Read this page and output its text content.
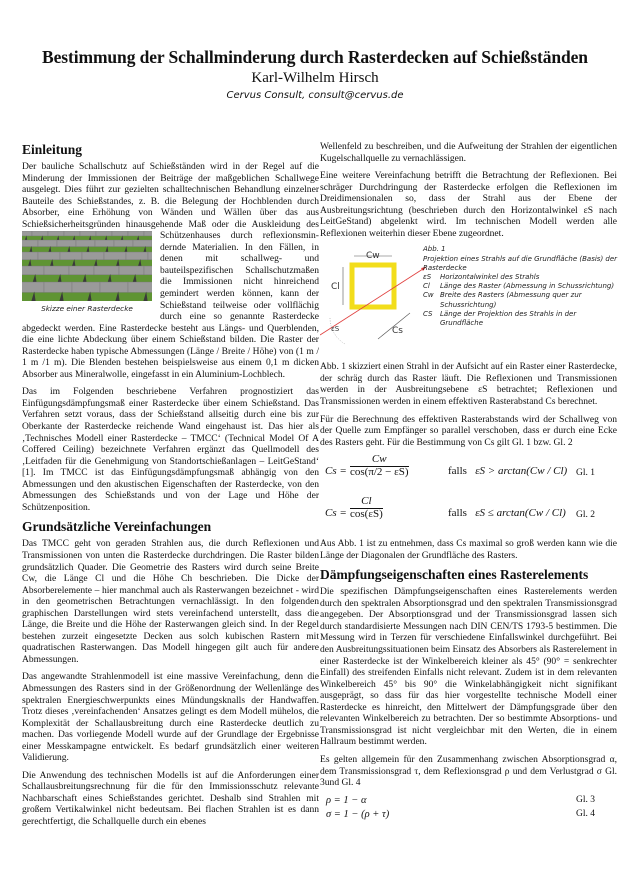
Bestimmung der Schallminderung durch Rasterdecken auf Schießständen
Karl-Wilhelm Hirsch
Cervus Consult, consult@cervus.de
Einleitung

Der bauliche Schallschutz auf Schießständen wird in der Regel auf die Minderung der Immissionen der Beiträge der maßgeblichen Schallwege ausgelegt. Dies führt zur gezielten schalltechnischen Behandlung einzelner Bauteile des Schießstandes, z. B. die Belegung der Hochblenden durch Absorber, eine Erhöhung von Wänden und Wällen über das aus Schießsicherheitsgründen hinausgehende Maß oder die Auskleidung des Schützenhauses durch reflexionsmin-
Skizze einer Rasterdecke
dernde Materialien. In den Fällen, in denen mit schallweg- und bauteilspezifischen Schallschutzmaßen die Immissionen nicht hinreichend gemindert werden können, kann der Schießstand teilweise oder vollflächig durch eine so genannte Rasterdecke abgedeckt werden. Eine Rasterdecke besteht aus Längs- und Querblenden, die eine lichte Abdeckung über einem Schießstand bilden. Die Raster der Rasterdecke haben typische Abmessungen (Länge / Breite / Höhe) von (1 m / 1 m /1 m). Die Blenden bestehen beispielsweise aus einem 0,1 m dicken Absorber aus Mineralwolle, eingefasst in ein Aluminium-Lochblech.

Das im Folgenden beschriebene Verfahren prognostiziert das Einfügungsdämpfungsmaß einer Rasterdecke über einem Schießstand. Das Verfahren setzt voraus, dass der Schießstand allseitig durch eine bis zur Oberkante der Rasterdecke reichende Wand eingehaust ist. Das hier als ‚Technisches Modell einer Rasterdecke – TMCC‘ (Technical Model Of A Coffered Ceiling) bezeichnete Verfahren ergänzt das Quellmodell des ‚Leitfaden für die Genehmigung von Standortschießanlagen – LeitGeStand‘ [1]. Im TMCC ist das Einfügungsdämpfungsmaß abhängig von den Abmessungen und den akustischen Eigenschaften der Rasterdecke, von den Abmessungen des Schießstands und von der Lage und Höhe der Schützenposition.

Grundsätzliche Vereinfachungen

Das TMCC geht von geraden Strahlen aus, die durch Reflexionen und Transmissionen von unten die Rasterdecke durchdringen. Die Raster bilden grundsätzlich Quader. Die Geometrie des Rasters wird durch seine Breite Cw, die Länge Cl und die Höhe Ch beschrieben. Die Dicke der Absorberelemente – hier manchmal auch als Rasterwangen bezeichnet - wird in den geometrischen Betrachtungen vernachlässigt. In den folgenden graphischen Darstellungen wird stets vereinfachend unterstellt, dass die Länge, die Breite und die Höhe der Rasterwangen gleich sind. In der Regel bestehen zurzeit eingesetzte Decken aus solch kubischen Rastern mit quadratischen Rasterwangen. Das Modell hingegen gilt auch für andere Abmessungen.

Das angewandte Strahlenmodell ist eine massive Vereinfachung, denn die Abmessungen des Rasters sind in der Größenordnung der Wellenlänge des spektralen Energieschwerpunkts eines Mündungsknalls der Handwaffen. Trotz dieses ‚vereinfachenden‘ Ansatzes gelingt es dem Modell mühelos, die Komplexität der Schallausbreitung durch eine Rasterdecke deutlich zu machen. Das vorliegende Modell wurde auf der Grundlage der Ergebnisse einer Messkampagne entwickelt. Es bedarf grundsätzlich einer weiteren Validierung.

Die Anwendung des technischen Modells ist auf die Anforderungen einer Schallausbreitungsrechnung für die für den Immissionsschutz relevante Nachbarschaft eines Schießstandes gerichtet. Deshalb sind Strahlen mit großem Vertikalwinkel nicht bedeutsam. Bei flachen Strahlen ist es dann gerechtfertigt, die Schallquelle durch ein ebenes

Wellenfeld zu beschreiben, und die Aufweitung der Strahlen der eigentlichen Kugelschallquelle zu vernachlässigen.

Eine weitere Vereinfachung betrifft die Betrachtung der Reflexionen. Bei schräger Durchdringung der Rasterdecke erfolgen die Reflexionen im Dreidimensionalen so, dass der Strahl aus der Ebene der Ausbreitungsrichtung (beschrieben durch den Horizontalwinkel εS nach LeitGeStand) abgelenkt wird. Im technischen Modell werden alle Reflexionen weiterhin dieser Ebene zugeordnet.

Cw
Cl
Cs
εS
Abb. 1
Projektion eines Strahls auf die Grundfläche (Basis) der Rasterdecke
εS	Horizontalwinkel des Strahls
Cl	Länge des Raster (Abmessung in Schussrichtung)
Cw Breite des Rasters (Abmessung quer zur Schussrichtung)
CS	Länge der Projektion des Strahls in der Grundfläche

Abb. 1 skizziert einen Strahl in der Aufsicht auf ein Raster einer Rasterdecke, der schräg durch das Raster läuft. Die Reflexionen und Transmissionen werden in der Ausbreitungsebene εS betrachtet; Reflexionen und Transmissionen werden in einem effektiven Rasterabstand Cs berechnet.

Für die Berechnung des effektiven Rasterabstands wird der Schallweg von der Quelle zum Empfänger so parallel verschoben, dass er durch eine Ecke des Rasters geht. Für die Bestimmung von Cs gilt Gl. 1 bzw. Gl. 2

$Cs = \frac{Cw}{\cos(\pi/2 - \varepsilon S)}$	falls εS > arctan(Cw / Cl) Gl. 1
$Cs = \frac{Cl}{\cos(\varepsilon S)}$	falls εS ≤ arctan(Cw / Cl) Gl. 2

Aus Abb. 1 ist zu entnehmen, dass Cs maximal so groß werden kann wie die Länge der Diagonalen der Grundfläche des Rasters.

Dämpfungseigenschaften eines Rasterelements

Die spezifischen Dämpfungseigenschaften eines Rasterelements werden durch den spektralen Absorptionsgrad und den spektralen Transmissionsgrad angegeben. Der Absorptionsgrad und der Transmissionsgrad lassen sich durch standardisierte Messungen nach DIN CEN/TS 1793-5 bestimmen. Die Messung wird in Terzen für verschiedene Einfallswinkel durchgeführt. Bei den Ausbreitungssituationen beim Einsatz des Absorbers als Rasterelement in einer Rasterdecke ist der Winkelbereich kleiner als 45° (90° = senkrechter Einfall) des streifenden Einfalls nicht relevant. Zudem ist in dem relevanten Winkelbereich 45° bis 90° die Winkelabhängigkeit nicht signifikant ausgeprägt, so dass für das hier vorgestellte technische Modell einer Rasterdecke es hinreicht, den Mittelwert der Dämpfungsgrade über den relevanten Winkelbereich zu betrachten. Der so bestimmte Absorptions- und Transmissionsgrad ist nicht vergleichbar mit den Werten, die in einem Hallraum bestimmt werden.

Es gelten allgemein für den Zusammenhang zwischen Absorptionsgrad α, dem Transmissionsgrad τ, dem Reflexionsgrad ρ und dem Verlustgrad σ Gl. 3und Gl. 4

ρ = 1 − α	Gl. 3
σ = 1 − (ρ + τ)	Gl. 4
